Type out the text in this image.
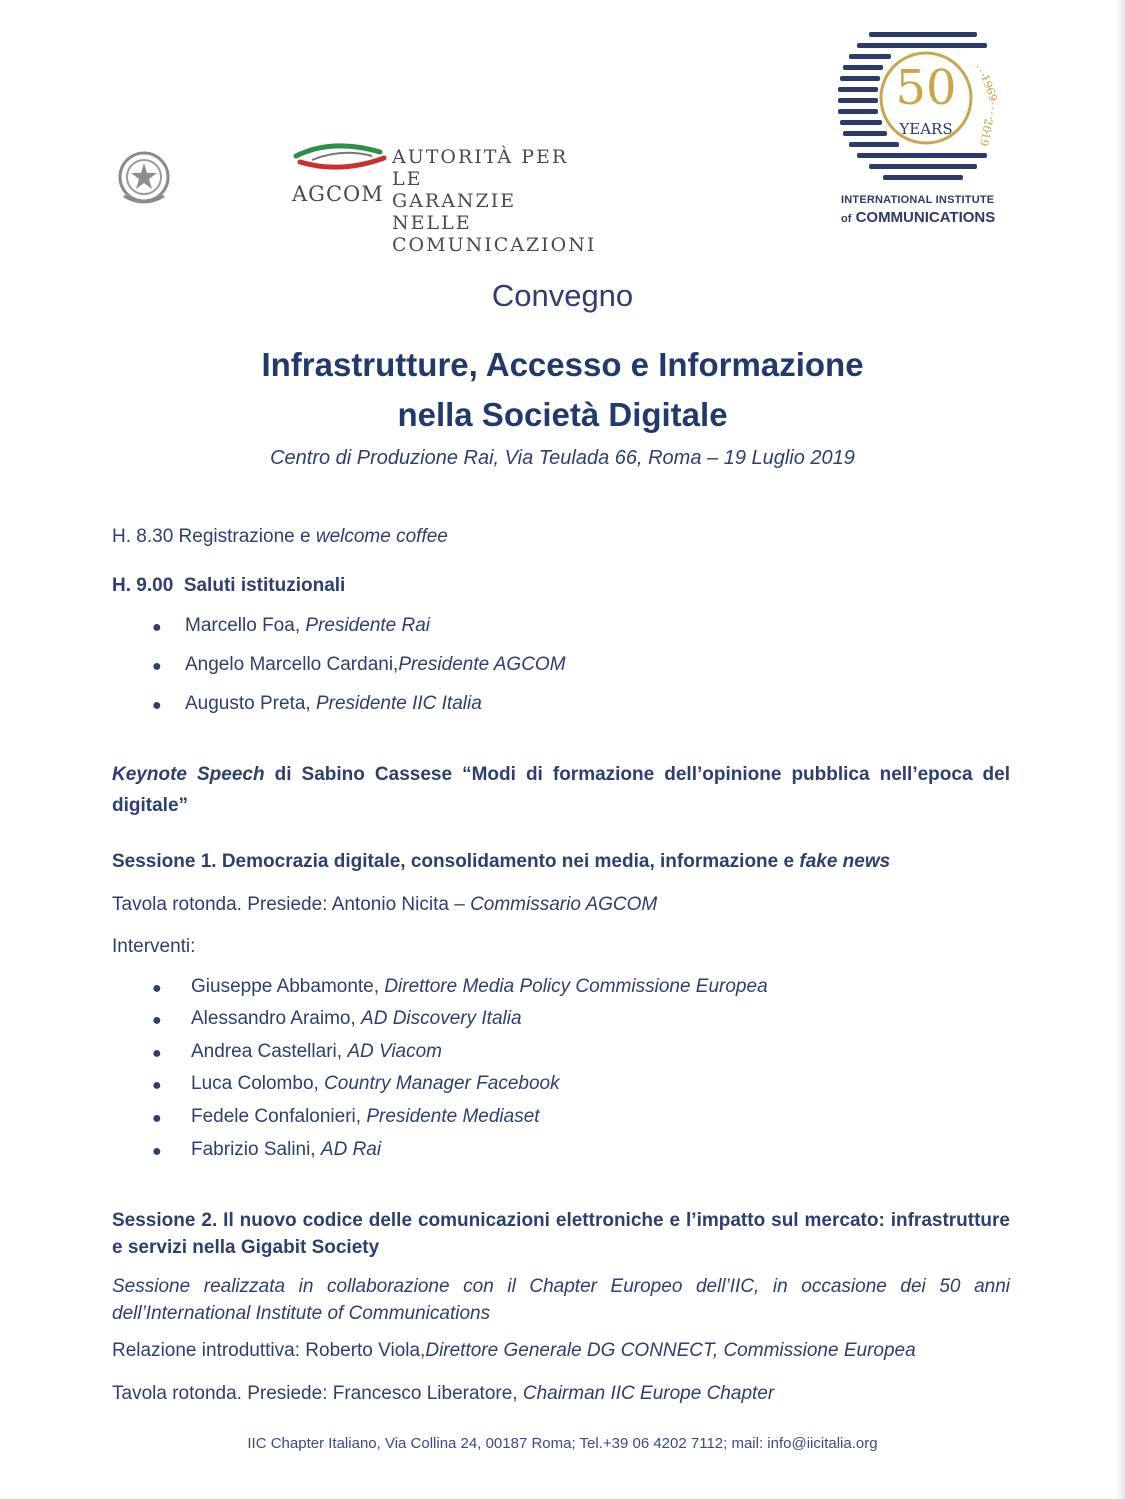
AGCOM
AUTORITÀ PER LE
GARANZIE NELLE
COMUNICAZIONI
1969
2019
50
YEARS
INTERNATIONAL INSTITUTE
of COMMUNICATIONS
Convegno
Infrastrutture, Accesso e Informazione
nella Società Digitale
Centro di Produzione Rai, Via Teulada 66, Roma – 19 Luglio 2019
H. 8.30 Registrazione e welcome coffee
H. 9.00  Saluti istituzionali
● Marcello Foa, Presidente Rai
● Angelo Marcello Cardani,Presidente AGCOM
● Augusto Preta, Presidente IIC Italia
Keynote Speech di Sabino Cassese “Modi di formazione dell’opinione pubblica nell’epoca del digitale”
Sessione 1. Democrazia digitale, consolidamento nei media, informazione e fake news
Tavola rotonda. Presiede: Antonio Nicita – Commissario AGCOM
Interventi:
● Giuseppe Abbamonte, Direttore Media Policy Commissione Europea
● Alessandro Araimo, AD Discovery Italia
● Andrea Castellari, AD Viacom
● Luca Colombo, Country Manager Facebook
● Fedele Confalonieri, Presidente Mediaset
● Fabrizio Salini, AD Rai
Sessione 2. Il nuovo codice delle comunicazioni elettroniche e l’impatto sul mercato: infrastrutture e servizi nella Gigabit Society
Sessione realizzata in collaborazione con il Chapter Europeo dell’IIC, in occasione dei 50 anni dell’International Institute of Communications
Relazione introduttiva: Roberto Viola,Direttore Generale DG CONNECT, Commissione Europea
Tavola rotonda. Presiede: Francesco Liberatore, Chairman IIC Europe Chapter
IIC Chapter Italiano, Via Collina 24, 00187 Roma; Tel.+39 06 4202 7112; mail: info@iicitalia.org
